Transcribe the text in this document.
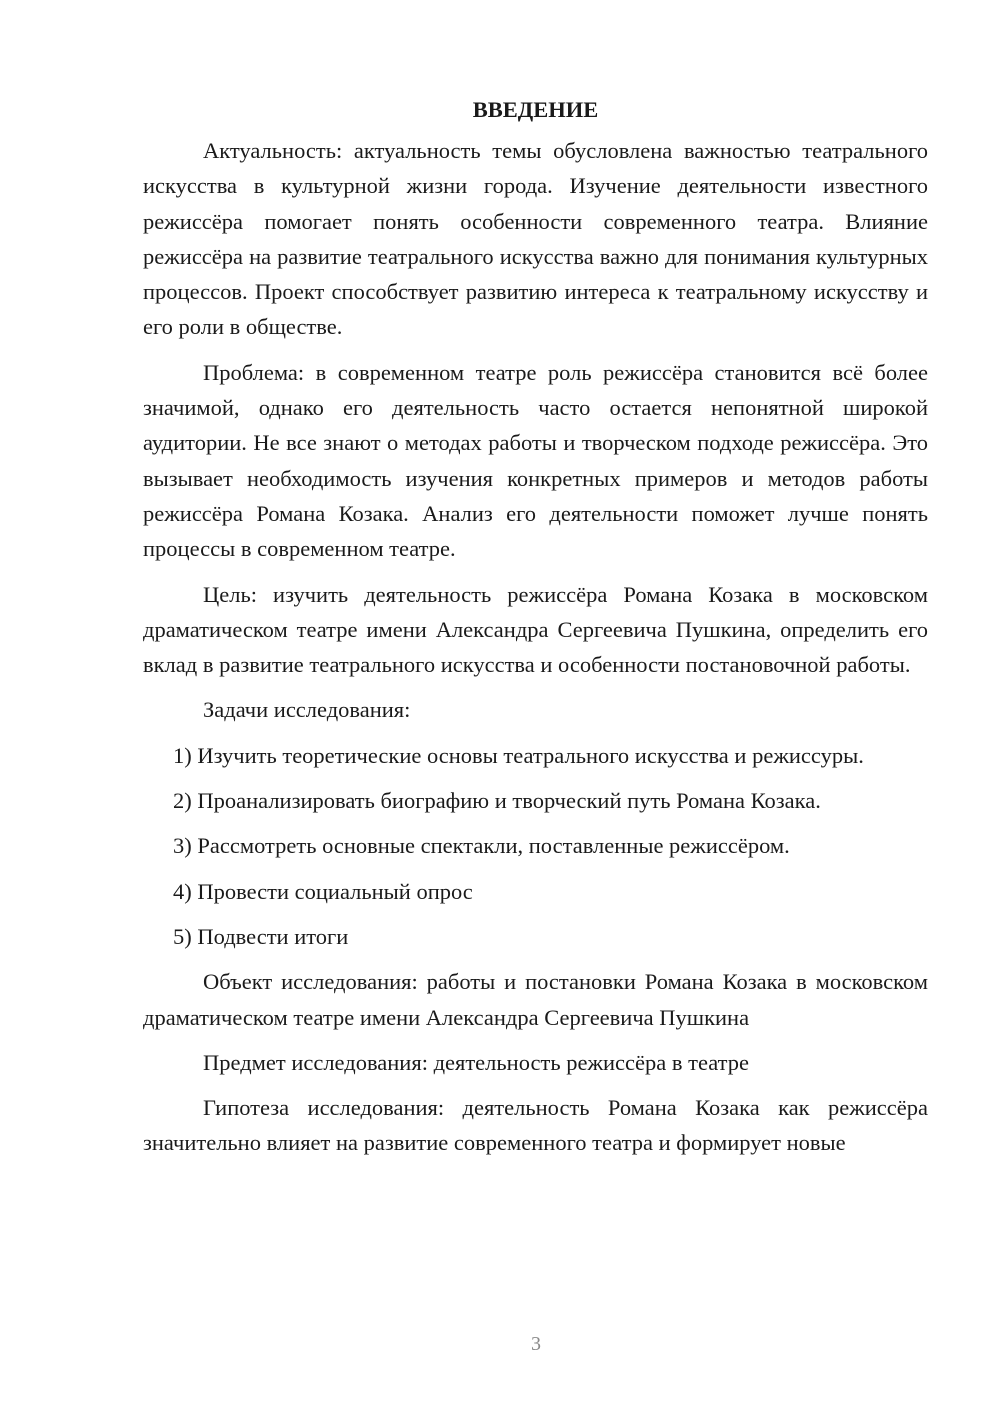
ВВЕДЕНИЕ

Актуальность: актуальность темы обусловлена важностью театрального искусства в культурной жизни города. Изучение деятельности известного режиссёра помогает понять особенности современного театра. Влияние режиссёра на развитие театрального искусства важно для понимания культурных процессов. Проект способствует развитию интереса к театральному искусству и его роли в обществе.

Проблема: в современном театре роль режиссёра становится всё более значимой, однако его деятельность часто остается непонятной широкой аудитории. Не все знают о методах работы и творческом подходе режиссёра. Это вызывает необходимость изучения конкретных примеров и методов работы режиссёра Романа Козака. Анализ его деятельности поможет лучше понять процессы в современном театре.

Цель: изучить деятельность режиссёра Романа Козака в московском драматическом театре имени Александра Сергеевича Пушкина, определить его вклад в развитие театрального искусства и особенности постановочной работы.

Задачи исследования:

1) Изучить теоретические основы театрального искусства и режиссуры.

2) Проанализировать биографию и творческий путь Романа Козака.

3) Рассмотреть основные спектакли, поставленные режиссёром.

4) Провести социальный опрос

5) Подвести итоги

Объект исследования: работы и постановки Романа Козака в московском драматическом театре имени Александра Сергеевича Пушкина

Предмет исследования: деятельность режиссёра в театре

Гипотеза исследования: деятельность Романа Козака как режиссёра значительно влияет на развитие современного театра и формирует новые

3
